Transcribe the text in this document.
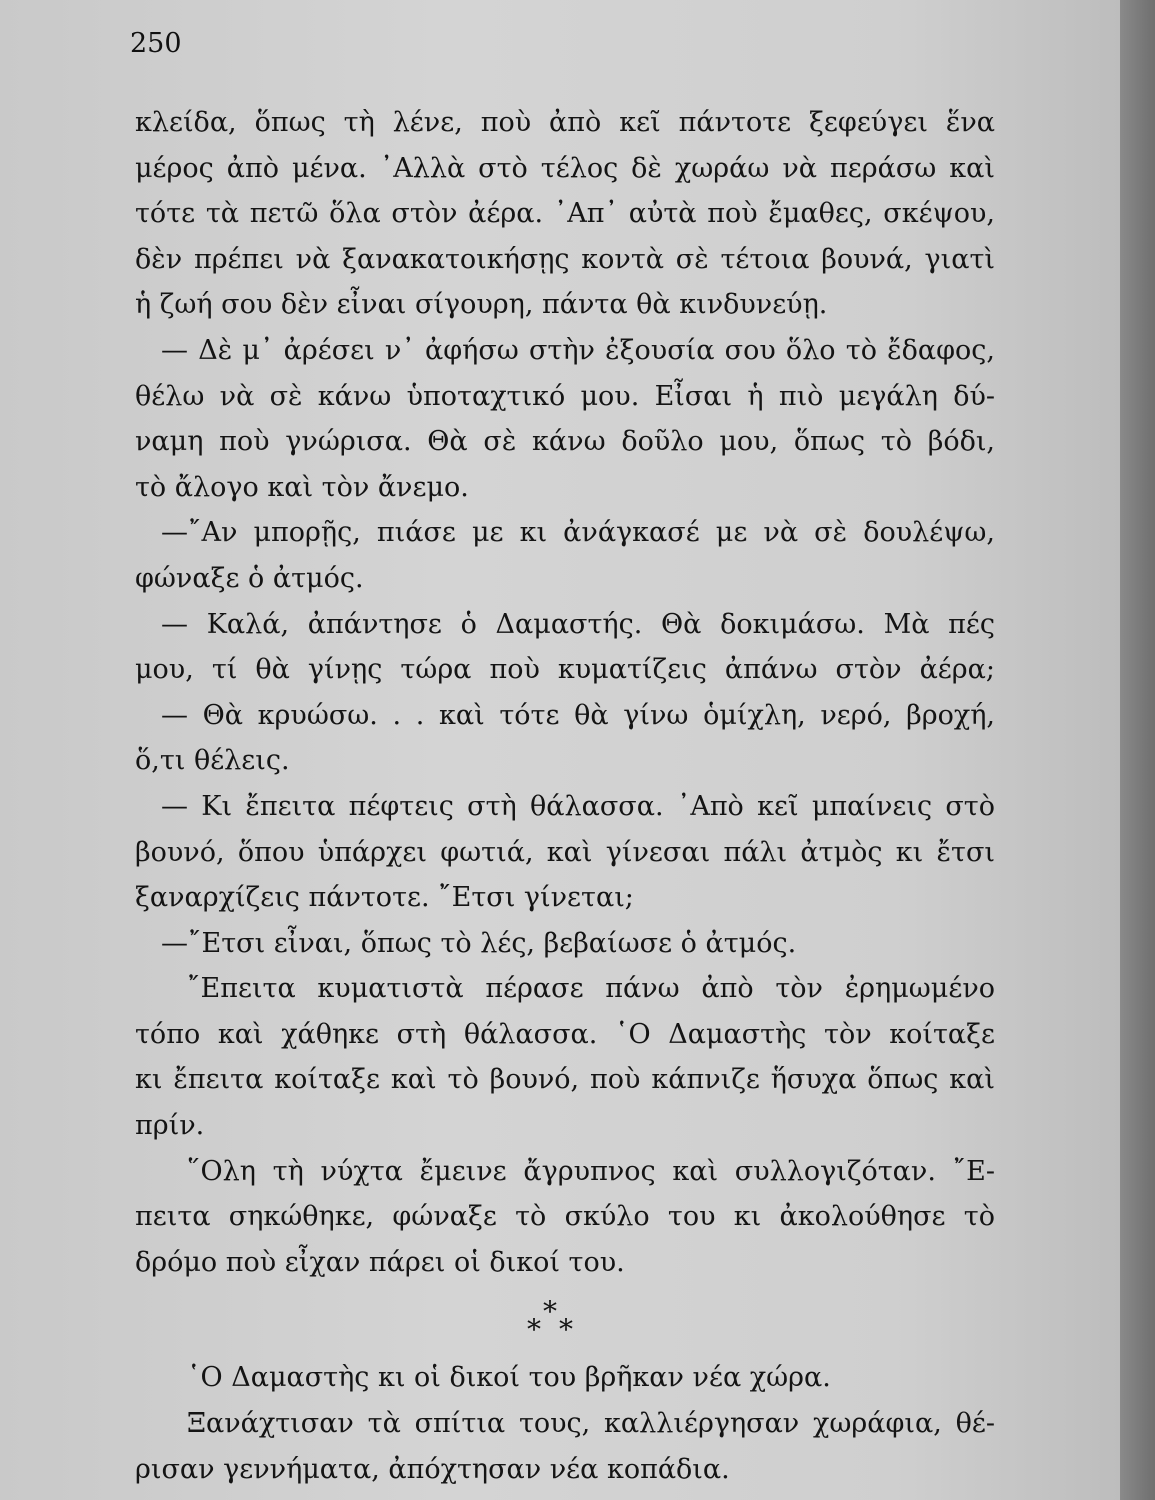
250
κλείδα, ὅπως τὴ λένε, ποὺ ἀπὸ κεῖ πάντοτε ξεφεύγει ἕνα
μέρος ἀπὸ μένα. ᾿Αλλὰ στὸ τέλος δὲ χωράω νὰ περάσω καὶ
τότε τὰ πετῶ ὅλα στὸν ἀέρα. ᾿Απ᾿ αὐτὰ ποὺ ἔμαθες, σκέψου,
δὲν πρέπει νὰ ξανακατοικήσῃς κοντὰ σὲ τέτοια βουνά, γιατὶ
ἡ ζωή σου δὲν εἶναι σίγουρη, πάντα θὰ κινδυνεύῃ.
— Δὲ μ᾿ ἀρέσει ν᾿ ἀφήσω στὴν ἐξουσία σου ὅλο τὸ ἔδαφος,
θέλω νὰ σὲ κάνω ὑποταχτικό μου. Εἶσαι ἡ πιὸ μεγάλη δύ-
ναμη ποὺ γνώρισα. Θὰ σὲ κάνω δοῦλο μου, ὅπως τὸ βόδι,
τὸ ἄλογο καὶ τὸν ἄνεμο.
—῎Αν μπορῇς, πιάσε με κι ἀνάγκασέ με νὰ σὲ δουλέψω,
φώναξε ὁ ἀτμός.
— Καλά, ἀπάντησε ὁ Δαμαστής. Θὰ δοκιμάσω. Μὰ πές
μου, τί θὰ γίνῃς τώρα ποὺ κυματίζεις ἀπάνω στὸν ἀέρα;
— Θὰ κρυώσω. . . καὶ τότε θὰ γίνω ὁμίχλη, νερό, βροχή,
ὅ,τι θέλεις.
— Κι ἔπειτα πέφτεις στὴ θάλασσα. ᾿Απὸ κεῖ μπαίνεις στὸ
βουνό, ὅπου ὑπάρχει φωτιά, καὶ γίνεσαι πάλι ἀτμὸς κι ἔτσι
ξαναρχίζεις πάντοτε. ῎Ετσι γίνεται;
—῎Ετσι εἶναι, ὅπως τὸ λές, βεβαίωσε ὁ ἀτμός.
῎Επειτα κυματιστὰ πέρασε πάνω ἀπὸ τὸν ἐρημωμένο
τόπο καὶ χάθηκε στὴ θάλασσα. ῾Ο Δαμαστὴς τὸν κοίταξε
κι ἔπειτα κοίταξε καὶ τὸ βουνό, ποὺ κάπνιζε ἥσυχα ὅπως καὶ
πρίν.
῞Ολη τὴ νύχτα ἔμεινε ἄγρυπνος καὶ συλλογιζόταν. ῎Ε-
πειτα σηκώθηκε, φώναξε τὸ σκύλο του κι ἀκολούθησε τὸ
δρόμο ποὺ εἶχαν πάρει οἱ δικοί του.
*
*
*
῾Ο Δαμαστὴς κι οἱ δικοί του βρῆκαν νέα χώρα.
Ξανάχτισαν τὰ σπίτια τους, καλλιέργησαν χωράφια, θέ-
ρισαν γεννήματα, ἀπόχτησαν νέα κοπάδια.
